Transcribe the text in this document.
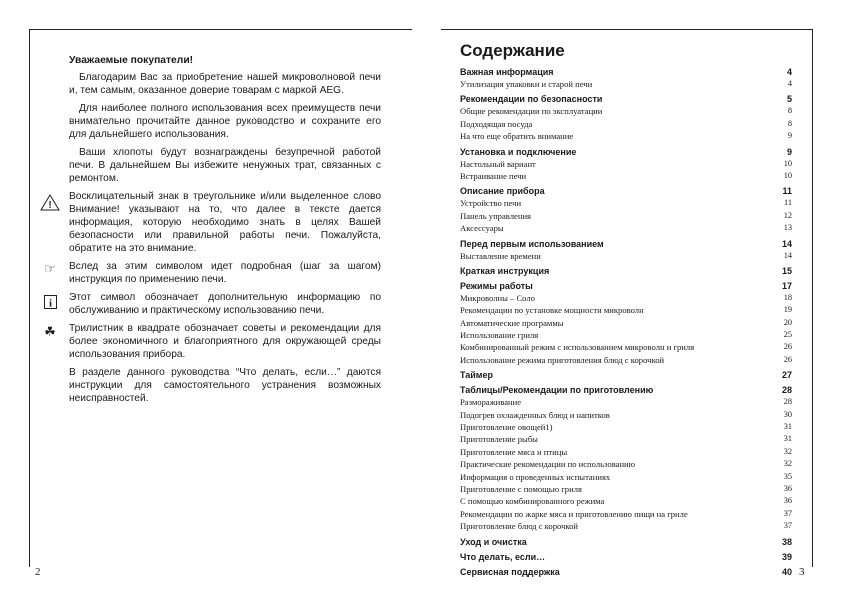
Уважаемые покупатели!

Благодарим Вас за приобретение нашей микроволновой печи и, тем самым, оказанное доверие товарам с маркой AEG.

Для наиболее полного использования всех преимуществ печи внимательно прочитайте данное руководство и сохраните его для дальнейшего использования.

Ваши хлопоты будут вознаграждены безупречной работой печи. В дальнейшем Вы избежите ненужных трат, связанных с ремонтом.

!

Восклицательный знак в треугольнике и/или выделенное слово Внимание! указывают на то, что далее в тексте дается информация, которую необходимо знать в целях Вашей безопасности или правильной работы печи. Пожалуйста, обратите на это внимание.

☞	Вслед за этим символом идет подробная (шаг за шагом) инструкция по применению печи.

i Этот символ обозначает дополнительную информацию по обслуживанию и практическому использованию печи.

☘	Трилистник в квадрате обозначает советы и рекомендации для более экономичного и благоприятного для окружающей среды использования прибора.

В разделе данного руководства “Что делать, если…” даются инструкции для самостоятельного устранения возможных неисправностей.

2
Содержание
Важная информация	4
Утилизация упаковки и старой печи	4
Рекомендации по безопасности	5
Общие рекомендации по эксплуатации	8
Подходящая посуда	8
На что еще обратить внимание	9
Установка и подключение	9
Настольный вариант	10
Встраивание печи	10
Описание прибора	11
Устройство печи	11
Панель управления	12
Аксессуары	13
Перед первым использованием	14
Выставление времени	14
Краткая инструкция	15
Режимы работы	17
Микроволны – Соло	18
Рекомендации по установке мощности микроволн	19
Автоматические программы	20
Использование гриля	25
Комбинированный режим с использованием микроволн и гриля	26
Использование режима приготовления блюд с корочкой	26
Таймер	27
Таблицы/Рекомендации по приготовлению	28
Размораживание	28
Подогрев охлажденных блюд и напитков	30
Приготовление овощей1)	31
Приготовление рыбы	31
Приготовление мяса и птицы	32
Практические рекомендации по использованию	32
Информация о проведенных испытаниях	35
Приготовление с помощью гриля	36
С помощью комбинированного режима	36
Рекомендации по жарке мяса и приготовлению пищи на гриле	37
Приготовление блюд с корочкой	37
Уход и очистка	38
Что делать, если…	39
Сервисная поддержка	40 3
